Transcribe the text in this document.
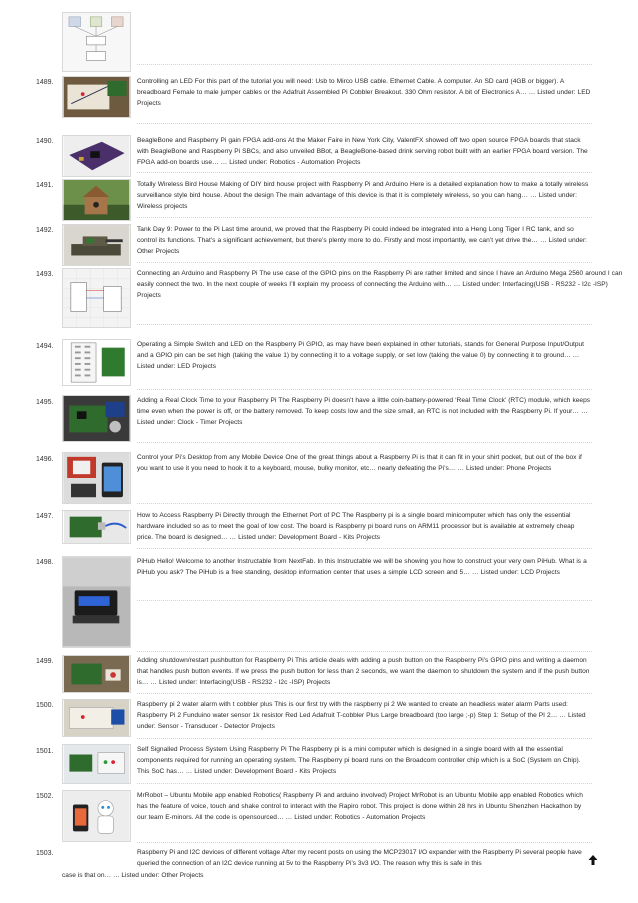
1489.	Controlling an LED For this part of the tutorial you will need: Usb to Mirco USB cable. Ethernet Cable. A computer. An SD card (4GB or bigger). A breadboard Female to male jumper cables or the Adafruit Assembled Pi Cobbler Breakout. 330 Ohm resistor. A bit of Electronics A… … Listed under: LED Projects
1490.	BeagleBone and Raspberry Pi gain FPGA add-ons At the Maker Faire in New York City, ValentFX showed off two open source FPGA boards that stack with BeagleBone and Raspberry Pi SBCs, and also unveiled BBot, a BeagleBone-based drink serving robot built with an earlier FPGA board version. The FPGA add-on boards use… … Listed under: Robotics - Automation Projects
1491.	Totally Wireless Bird House Making of DIY bird house project with Raspberry Pi and Arduino Here is a detailed explanation how to make a totally wireless surveillance style bird house. About the design The main advantage of this device is that it is completely wireless, so you can hang… … Listed under: Wireless projects
1492.	Tank Day 9: Power to the Pi Last time around, we proved that the Raspberry Pi could indeed be integrated into a Heng Long Tiger I RC tank, and so control its functions. That’s a significant achievement, but there’s plenty more to do. Firstly and most importantly, we can’t yet drive the… … Listed under: Other Projects
1493.	Connecting an Arduino and Raspberry Pi The use case of the GPIO pins on the Raspberry Pi are rather limited and since I have an Arduino Mega 2560 around I can easily connect the two. In the next couple of weeks I’ll explain my process of connecting the Arduino with… … Listed under: Interfacing(USB - RS232 - I2c -ISP) Projects
1494.	Operating a Simple Switch and LED on the Raspberry Pi GPIO, as may have been explained in other tutorials, stands for General Purpose Input/Output and a GPIO pin can be set high (taking the value 1) by connecting it to a voltage supply, or set low (taking the value 0) by connecting it to ground… … Listed under: LED Projects
1495.	Adding a Real Clock Time to your Raspberry Pi The Raspberry Pi doesn’t have a little coin-battery-powered ‘Real Time Clock’ (RTC) module, which keeps time even when the power is off, or the battery removed. To keep costs low and the size small, an RTC is not included with the Raspberry Pi. If your… … Listed under: Clock - Timer Projects
1496.	Control your Pi’s Desktop from any Mobile Device One of the great things about a Raspberry Pi is that it can fit in your shirt pocket, but out of the box if you want to use it you need to hook it to a keyboard, mouse, bulky monitor, etc… nearly defeating the Pi’s… … Listed under: Phone Projects
1497.	How to Access Raspberry Pi Directly through the Ethernet Port of PC The Raspberry pi is a single board minicomputer which has only the essential hardware included so as to meet the goal of low cost. The board is Raspberry pi board runs on ARM11 processor but is available at extremely cheap price. The board is designed… … Listed under: Development Board - Kits Projects
1498.	PiHub Hello! Welcome to another Instructable from NextFab. In this Instructable we will be showing you how to construct your very own PiHub. What is a PiHub you ask? The PiHub is a free standing, desktop information center that uses a simple LCD screen and 5… … Listed under: LCD Projects
1499.	Adding shutdown/restart pushbutton for Raspberry Pi This article deals with adding a push button on the Raspberry Pi’s GPIO pins and writing a daemon that handles push button events. If we press the push button for less than 2 seconds, we want the daemon to shutdown the system and if the push button is… … Listed under: Interfacing(USB - RS232 - I2c -ISP) Projects
1500.	Raspberry pi 2 water alarm with t cobbler plus This is our first try with the raspberry pi 2 We wanted to create an headless water alarm Parts used: Raspberry Pi 2 Funduino water sensor 1k resistor Red Led Adafruit T-cobbler Plus Large breadboard (too large ;-p) Step 1: Setup of the PI 2… … Listed under: Sensor - Transducer - Detector Projects
1501.	Self Signalled Process System Using Raspberry Pi The Raspberry pi is a mini computer which is designed in a single board with all the essential components required for running an operating system. The Raspberry pi board runs on the Broadcom controller chip which is a SoC (System on Chip). This SoC has… … Listed under: Development Board - Kits Projects
1502.	MrRobot – Ubuntu Mobile app enabled Robotics( Raspberry Pi and arduino involved) Project MrRobot is an Ubuntu Mobile app enabled Robotics which has the feature of voice, touch and shake control to interact with the Rapiro robot. This project is done within 28 hrs in Ubuntu Shenzhen Hackathon by our team E-minors. All the code is opensourced… … Listed under: Robotics - Automation Projects
1503.	Raspberry Pi and I2C devices of different voltage After my recent posts on using the MCP23017 I/O expander with the Raspberry Pi several people have queried the connection of an I2C device running at 5v to the Raspberry Pi’s 3v3 I/O. The reason why this is safe in this
case is that on… … Listed under: Other Projects
